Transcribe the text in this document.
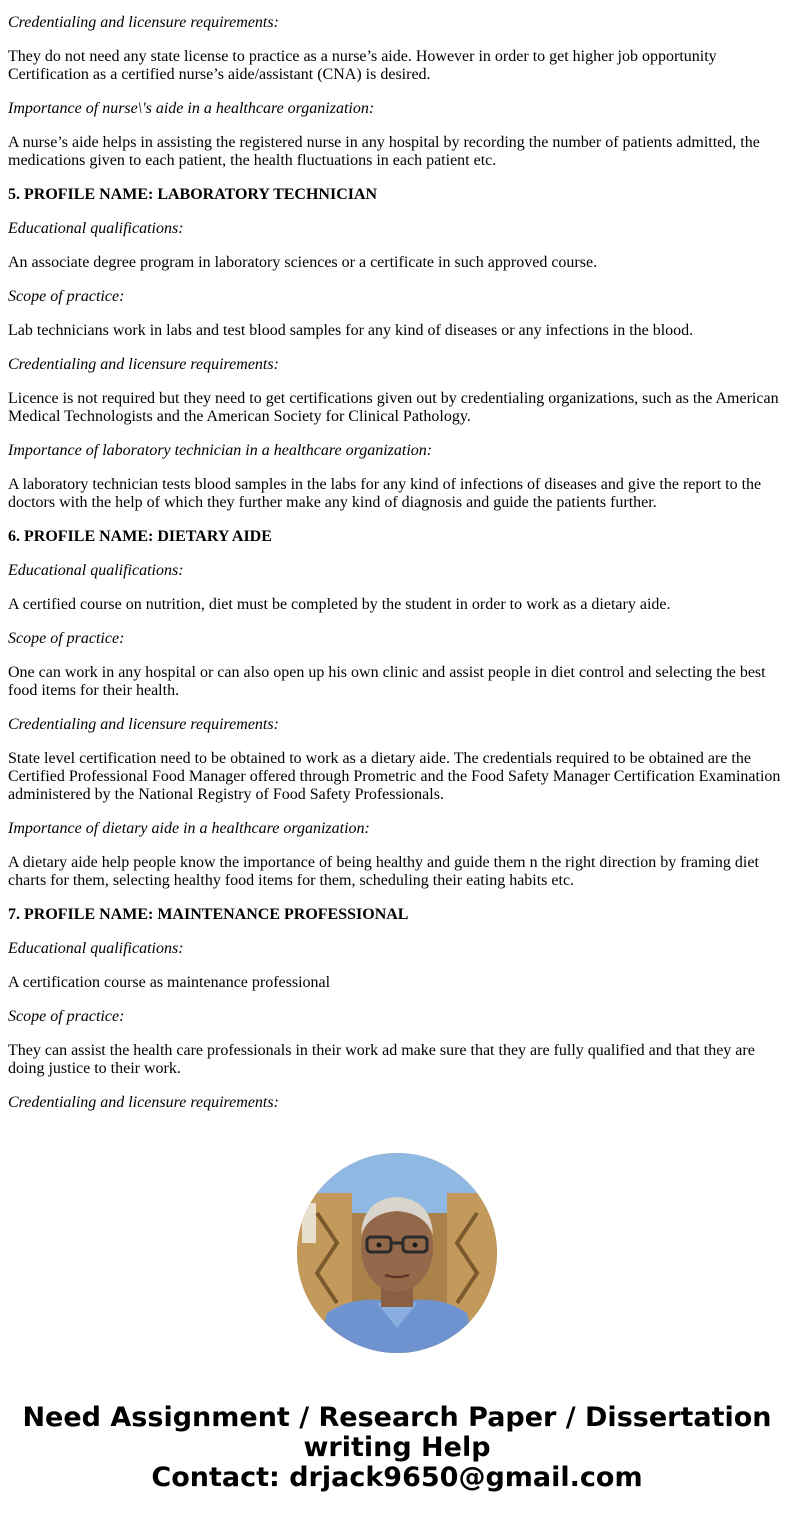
Credentialing and licensure requirements:

They do not need any state license to practice as a nurse’s aide. However in order to get higher job opportunity Certification as a certified nurse’s aide/assistant (CNA) is desired.

Importance of nurse\'s aide in a healthcare organization:

A nurse’s aide helps in assisting the registered nurse in any hospital by recording the number of patients admitted, the medications given to each patient, the health fluctuations in each patient etc.

5. PROFILE NAME: LABORATORY TECHNICIAN

Educational qualifications:

An associate degree program in laboratory sciences or a certificate in such approved course.

Scope of practice:

Lab technicians work in labs and test blood samples for any kind of diseases or any infections in the blood.

Credentialing and licensure requirements:

Licence is not required but they need to get certifications given out by credentialing organizations, such as the American Medical Technologists and the American Society for Clinical Pathology.

Importance of laboratory technician in a healthcare organization:

A laboratory technician tests blood samples in the labs for any kind of infections of diseases and give the report to the doctors with the help of which they further make any kind of diagnosis and guide the patients further.

6. PROFILE NAME: DIETARY AIDE

Educational qualifications:

A certified course on nutrition, diet must be completed by the student in order to work as a dietary aide.

Scope of practice:

One can work in any hospital or can also open up his own clinic and assist people in diet control and selecting the best food items for their health.

Credentialing and licensure requirements:

State level certification need to be obtained to work as a dietary aide. The credentials required to be obtained are the Certified Professional Food Manager offered through Prometric and the Food Safety Manager Certification Examination administered by the National Registry of Food Safety Professionals.

Importance of dietary aide in a healthcare organization:

A dietary aide help people know the importance of being healthy and guide them n the right direction by framing diet charts for them, selecting healthy food items for them, scheduling their eating habits etc.

7. PROFILE NAME: MAINTENANCE PROFESSIONAL

Educational qualifications:

A certification course as maintenance professional

Scope of practice:

They can assist the health care professionals in their work ad make sure that they are fully qualified and that they are doing justice to their work.

Credentialing and licensure requirements:

Need Assignment / Research Paper / Dissertation
writing Help
Contact: drjack9650@gmail.com
